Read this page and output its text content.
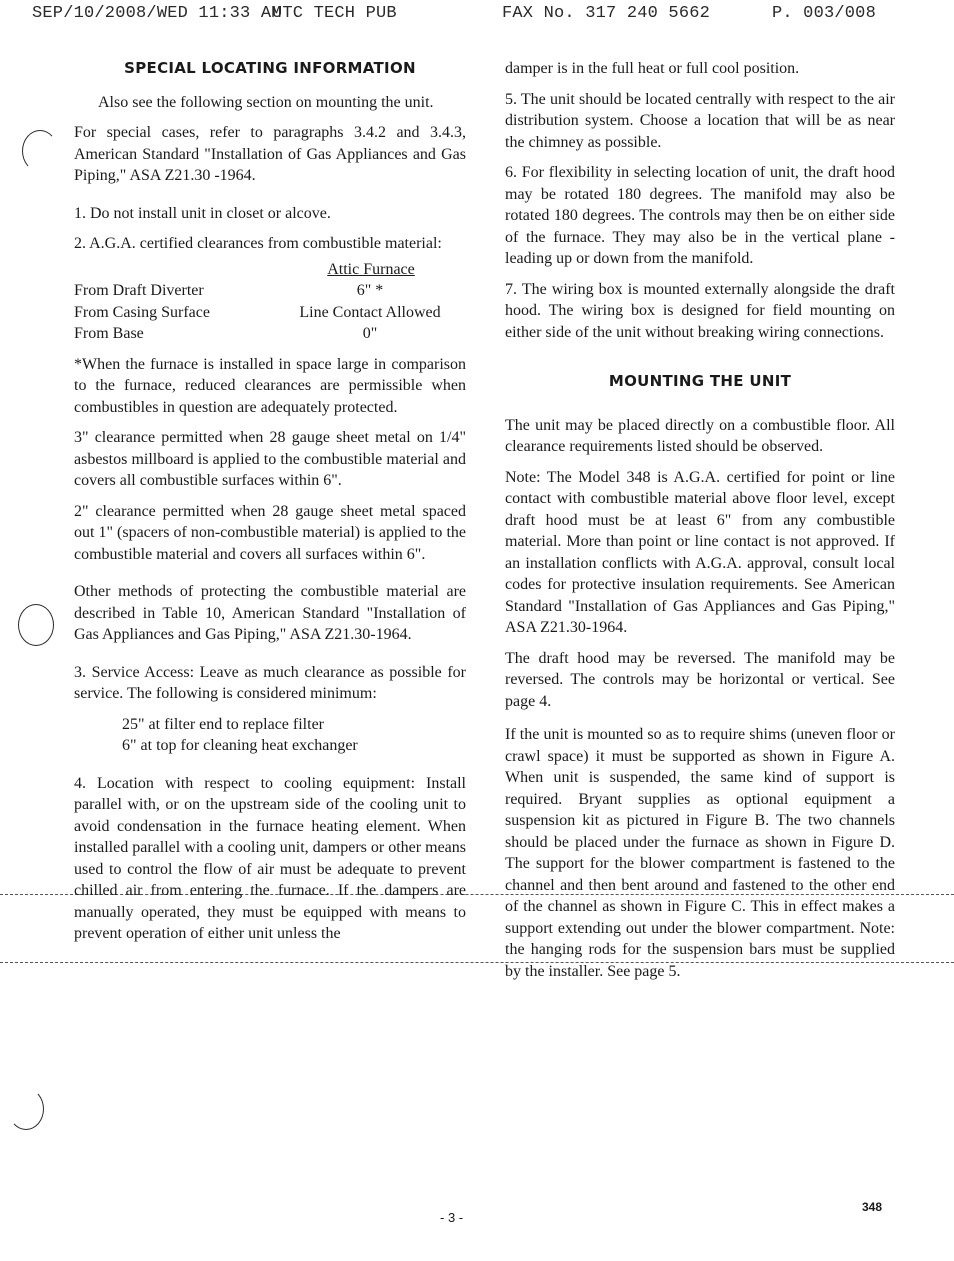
SEP/10/2008/WED 11:33 AM
UTC TECH PUB	FAX No. 317 240 5662	P. 003/008

SPECIAL LOCATING INFORMATION

Also see the following section on mounting the unit.

For special cases, refer to paragraphs 3.4.2 and 3.4.3, American Standard "Installation of Gas Appliances and Gas Piping," ASA Z21.30 -1964.

1. Do not install unit in closet or alcove.

2. A.G.A. certified clearances from combustible material:

Attic Furnace
From Draft Diverter	6" *
From Casing Surface	Line Contact Allowed
From Base	0"

*When the furnace is installed in space large in comparison to the furnace, reduced clearances are permissible when combustibles in question are adequately protected.

3" clearance permitted when 28 gauge sheet metal on 1/4" asbestos millboard is applied to the combustible material and covers all combustible surfaces within 6".

2" clearance permitted when 28 gauge sheet metal spaced out 1" (spacers of non-combustible material) is applied to the combustible material and covers all surfaces within 6".

Other methods of protecting the combustible material are described in Table 10, American Standard "Installation of Gas Appliances and Gas Piping," ASA Z21.30-1964.

3. Service Access: Leave as much clearance as possible for service. The following is considered minimum:

25" at filter end to replace filter

6" at top for cleaning heat exchanger

4. Location with respect to cooling equipment: Install parallel with, or on the upstream side of the cooling unit to avoid condensation in the furnace heating element. When installed parallel with a cooling unit, dampers or other means used to control the flow of air must be adequate to prevent chilled air from entering the furnace. If the dampers are manually operated, they must be equipped with means to prevent operation of either unit unless the

damper is in the full heat or full cool position.

5. The unit should be located centrally with respect to the air distribution system. Choose a location that will be as near the chimney as possible.

6. For flexibility in selecting location of unit, the draft hood may be rotated 180 degrees. The manifold may also be rotated 180 degrees. The controls may then be on either side of the furnace. They may also be in the vertical plane - leading up or down from the manifold.

7. The wiring box is mounted externally alongside the draft hood. The wiring box is designed for field mounting on either side of the unit without breaking wiring connections.

MOUNTING THE UNIT

The unit may be placed directly on a combustible floor. All clearance requirements listed should be observed.

Note: The Model 348 is A.G.A. certified for point or line contact with combustible material above floor level, except draft hood must be at least 6" from any combustible material. More than point or line contact is not approved. If an installation conflicts with A.G.A. approval, consult local codes for protective insulation requirements. See American Standard "Installation of Gas Appliances and Gas Piping," ASA Z21.30-1964.

The draft hood may be reversed. The manifold may be reversed. The controls may be horizontal or vertical. See page 4.

If the unit is mounted so as to require shims (uneven floor or crawl space) it must be supported as shown in Figure A. When unit is suspended, the same kind of support is required. Bryant supplies as optional equipment a suspension kit as pictured in Figure B. The two channels should be placed under the furnace as shown in Figure D. The support for the blower compartment is fastened to the channel and then bent around and fastened to the other end of the channel as shown in Figure C. This in effect makes a support extending out under the blower compartment. Note: the hanging rods for the suspension bars must be supplied by the installer. See page 5.

- 3 -
348
